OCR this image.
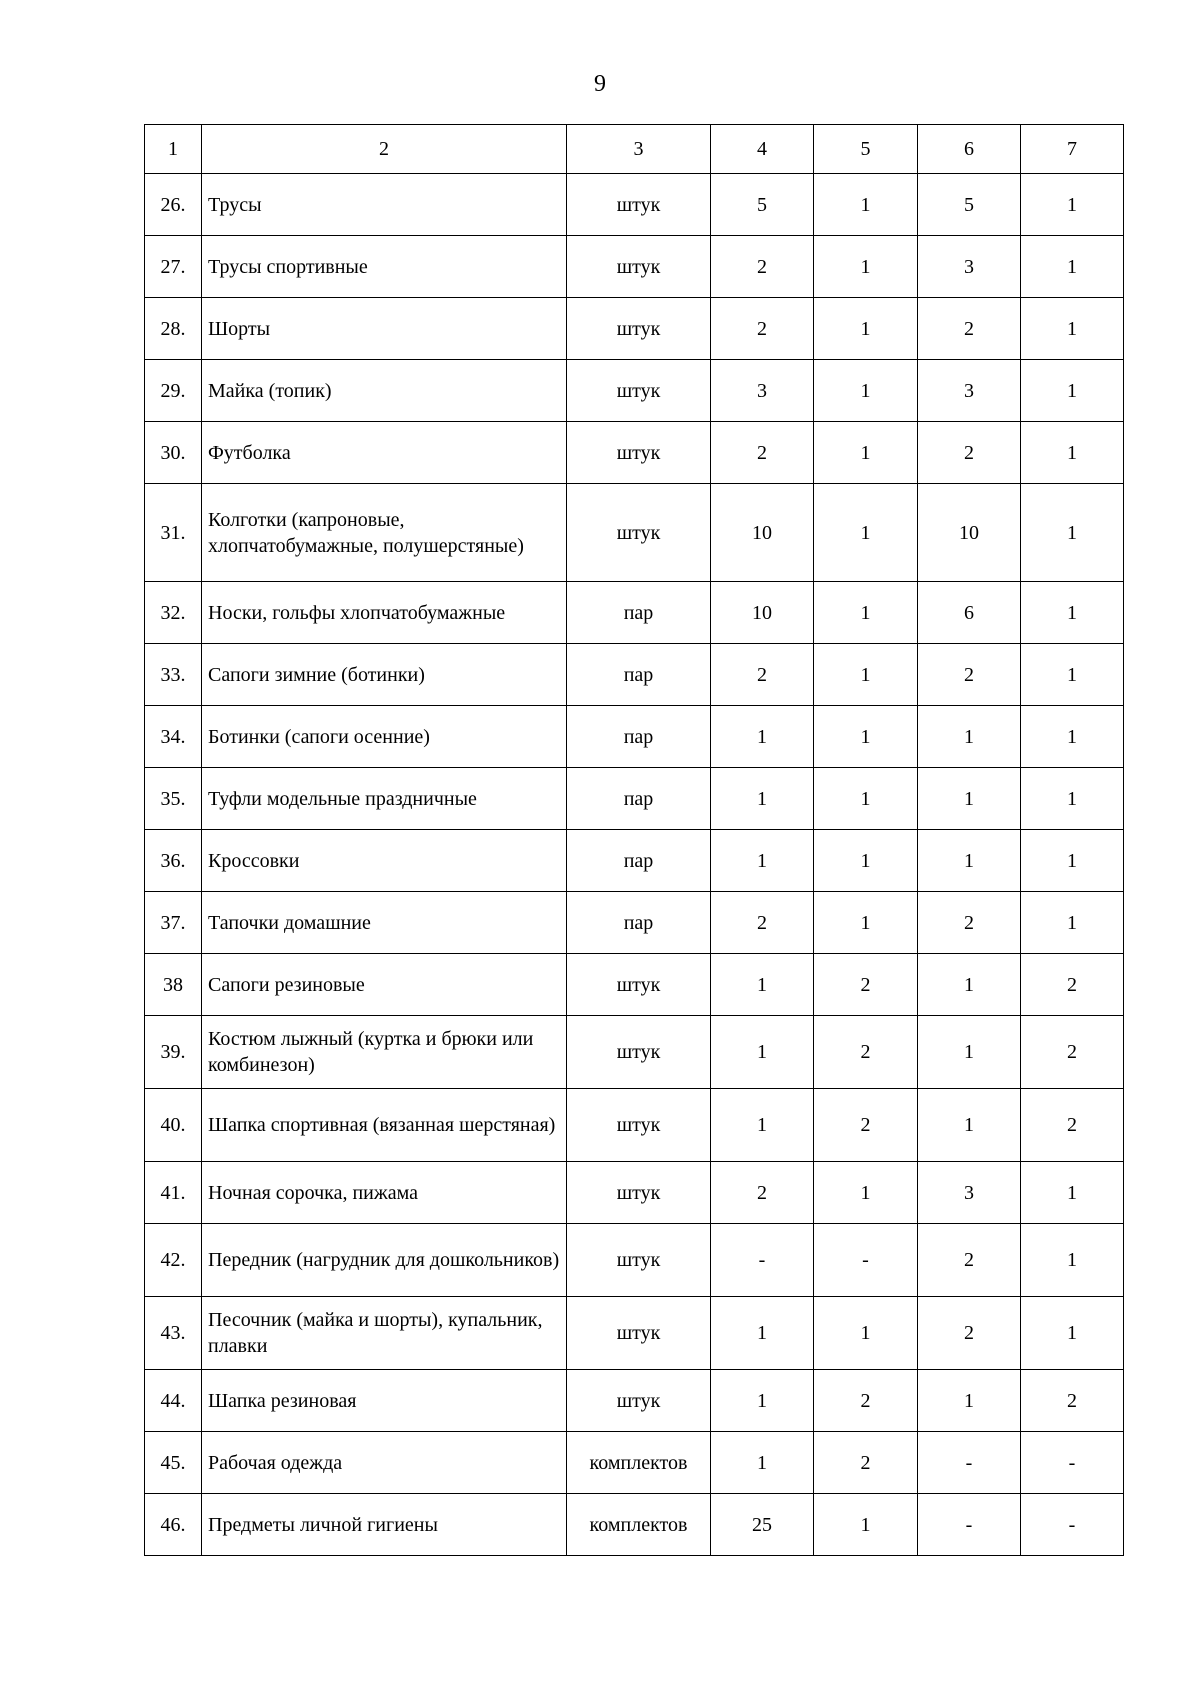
9
1	2	3	4	5	6	7
26.	Трусы	штук	5	1	5	1
27.	Трусы спортивные	штук	2	1	3	1
28.	Шорты	штук	2	1	2	1
29.	Майка (топик)	штук	3	1	3	1
30.	Футболка	штук	2	1	2	1
31.	Колготки (капроновые, хлопчатобумажные, полушерстяные)	штук	10	1	10	1
32.	Носки, гольфы хлопчатобумажные	пар	10	1	6	1
33.	Сапоги зимние (ботинки)	пар	2	1	2	1
34.	Ботинки (сапоги осенние)	пар	1	1	1	1
35.	Туфли модельные праздничные	пар	1	1	1	1
36.	Кроссовки	пар	1	1	1	1
37.	Тапочки домашние	пар	2	1	2	1
38	Сапоги резиновые	штук	1	2	1	2
39.	Костюм лыжный (куртка и брюки или комбинезон)	штук	1	2	1	2
40.	Шапка спортивная (вязанная шерстяная)	штук	1	2	1	2
41.	Ночная сорочка, пижама	штук	2	1	3	1
42.	Передник (нагрудник для дошкольников)	штук	-	-	2	1
43.	Песочник (майка и шорты), купальник, плавки	штук	1	1	2	1
44.	Шапка резиновая	штук	1	2	1	2
45.	Рабочая одежда	комплектов	1	2	-	-
46.	Предметы личной гигиены	комплектов	25	1	-	-
